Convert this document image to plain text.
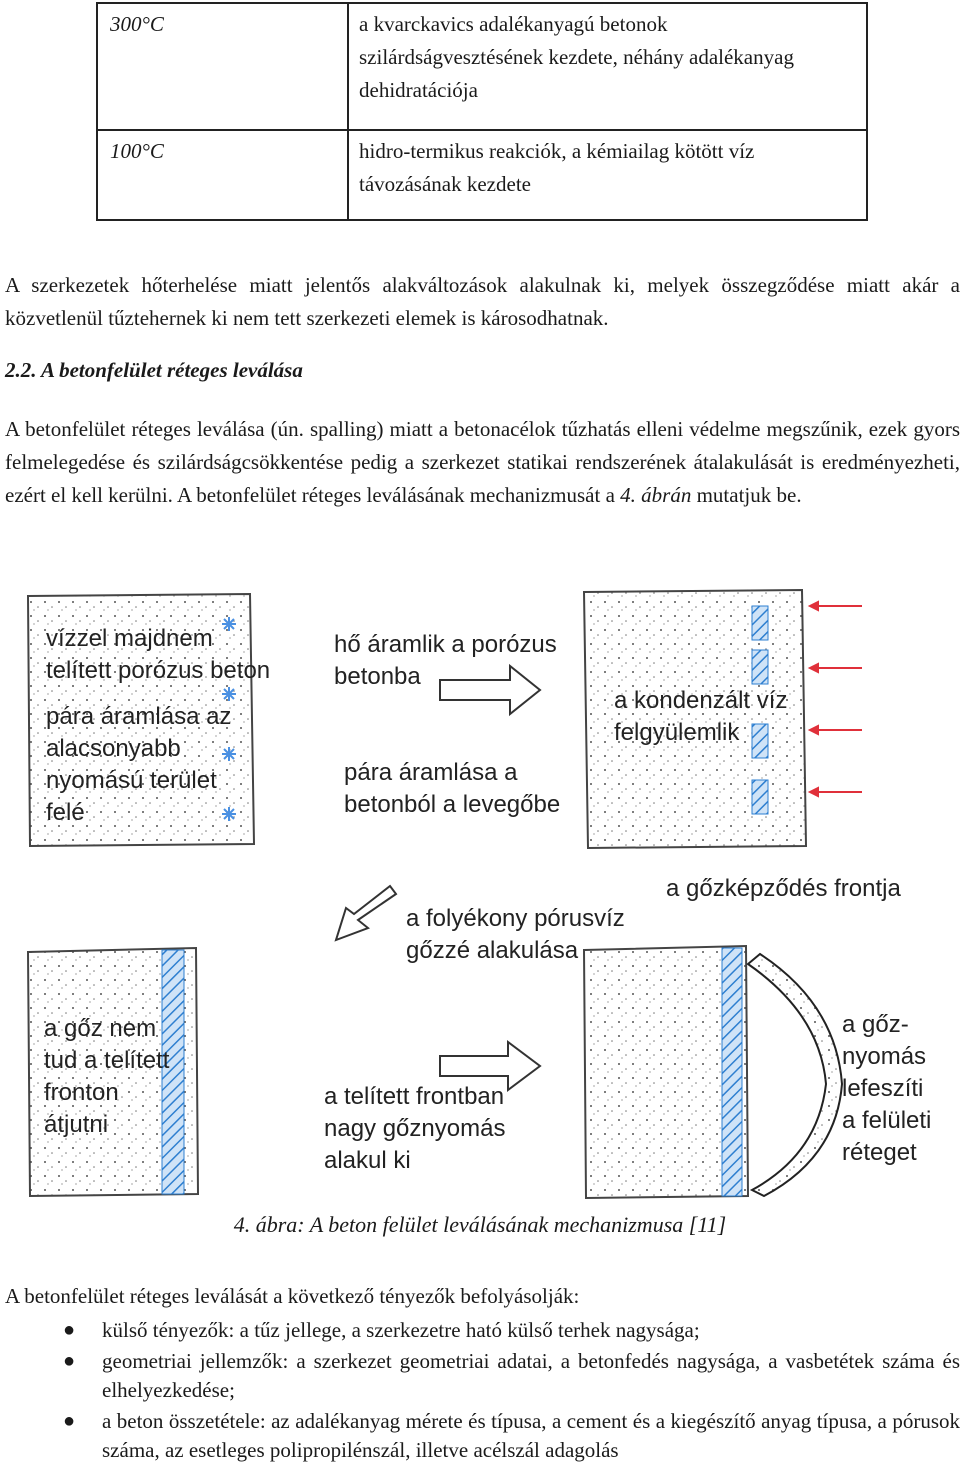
300°C	a kvarckavics adalékanyagú betonok szilárdságvesztésének kezdete, néhány adalékanyag dehidratációja
100°C	hidro-termikus reakciók, a kémiailag kötött víz távozásának kezdete

A szerkezetek hőterhelése miatt jelentős alakváltozások alakulnak ki, melyek összegződése miatt akár a közvetlenül tűztehernek ki nem tett szerkezeti elemek is károsodhatnak.

2.2. A betonfelület réteges leválása

A betonfelület réteges leválása (ún. spalling) miatt a betonacélok tűzhatás elleni védelme megszűnik, ezek gyors felmelegedése és szilárdságcsökkentése pedig a szerkezet statikai rendszerének átalakulását is eredményezheti, ezért el kell kerülni. A betonfelület réteges leválásának mechanizmusát a 4. ábrán mutatjuk be.

vízzel majdnem
telített porózus beton
pára áramlása az
alacsonyabb
nyomású terület
felé
hő áramlik a porózus
betonba
pára áramlása a
betonból a levegőbe
a kondenzált víz
felgyülemlik
a gőzképződés frontja
a folyékony pórusvíz
gőzzé alakulása
a gőz nem
tud a telített
fronton
átjutni
a telített frontban
nagy gőznyomás
alakul ki
a gőz-
nyomás
lefeszíti
a felületi
réteget
4. ábra: A beton felület leválásának mechanizmusa [11]

A betonfelület réteges leválását a következő tényezők befolyásolják:

● külső tényezők: a tűz jellege, a szerkezetre ható külső terhek nagysága;
● geometriai jellemzők: a szerkezet geometriai adatai, a betonfedés nagysága, a vasbetétek száma és elhelyezkedése;
● a beton összetétele: az adalékanyag mérete és típusa, a cement és a kiegészítő anyag típusa, a pórusok száma, az esetleges polipropilénszál, illetve acélszál adagolás
